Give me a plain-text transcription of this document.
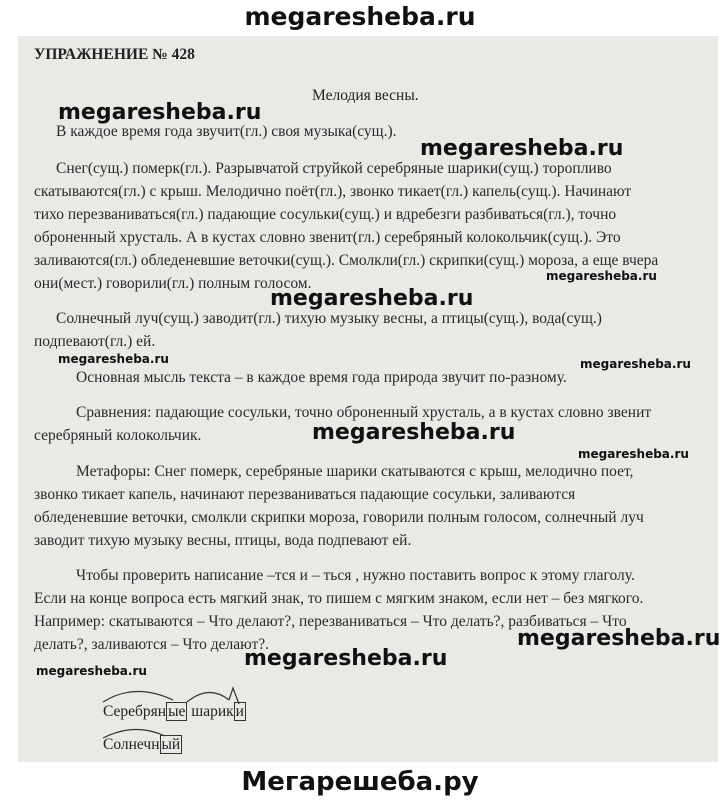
megaresheba.ru
УПРАЖНЕНИЕ № 428
Мелодия весны.
В каждое время года звучит(гл.) своя музыка(сущ.).
Снег(сущ.) померк(гл.). Разрывчатой струйкой серебряные шарики(сущ.) торопливо
скатываются(гл.) с крыш. Мелодично поёт(гл.), звонко тикает(гл.) капель(сущ.). Начинают
тихо перезваниваться(гл.) падающие сосульки(сущ.) и вдребезги разбиваться(гл.), точно
оброненный хрусталь. А в кустах словно звенит(гл.) серебряный колокольчик(сущ.). Это
заливаются(гл.) обледеневшие веточки(сущ.). Смолкли(гл.) скрипки(сущ.) мороза, а еще вчера
они(мест.) говорили(гл.) полным голосом.
Солнечный луч(сущ.) заводит(гл.) тихую музыку весны, а птицы(сущ.), вода(сущ.)
подпевают(гл.) ей.
Основная мысль текста – в каждое время года природа звучит по-разному.
Сравнения: падающие сосульки, точно оброненный хрусталь, а в кустах словно звенит
серебряный колокольчик.
Метафоры: Снег померк, серебряные шарики скатываются с крыш, мелодично поет,
звонко тикает капель, начинают перезваниваться падающие сосульки, заливаются
обледеневшие веточки, смолкли скрипки мороза, говорили полным голосом, солнечный луч
заводит тихую музыку весны, птицы, вода подпевают ей.
Чтобы проверить написание –тся и – ться , нужно поставить вопрос к этому глаголу.
Если на конце вопроса есть мягкий знак, то пишем с мягким знаком, если нет – без мягкого.
Например: скатываются – Что делают?, перезваниваться – Что делать?, разбиваться – Что
делать?, заливаются – Что делают?.
Серебрян ые шарик и
Солнечн ый
megaresheba.ru
megaresheba.ru
megaresheba.ru
megaresheba.ru
megaresheba.ru
megaresheba.ru
megaresheba.ru
megaresheba.ru	megaresheba.ru
megaresheba.ru
megaresheba.ru
Мегарешеба.ру
